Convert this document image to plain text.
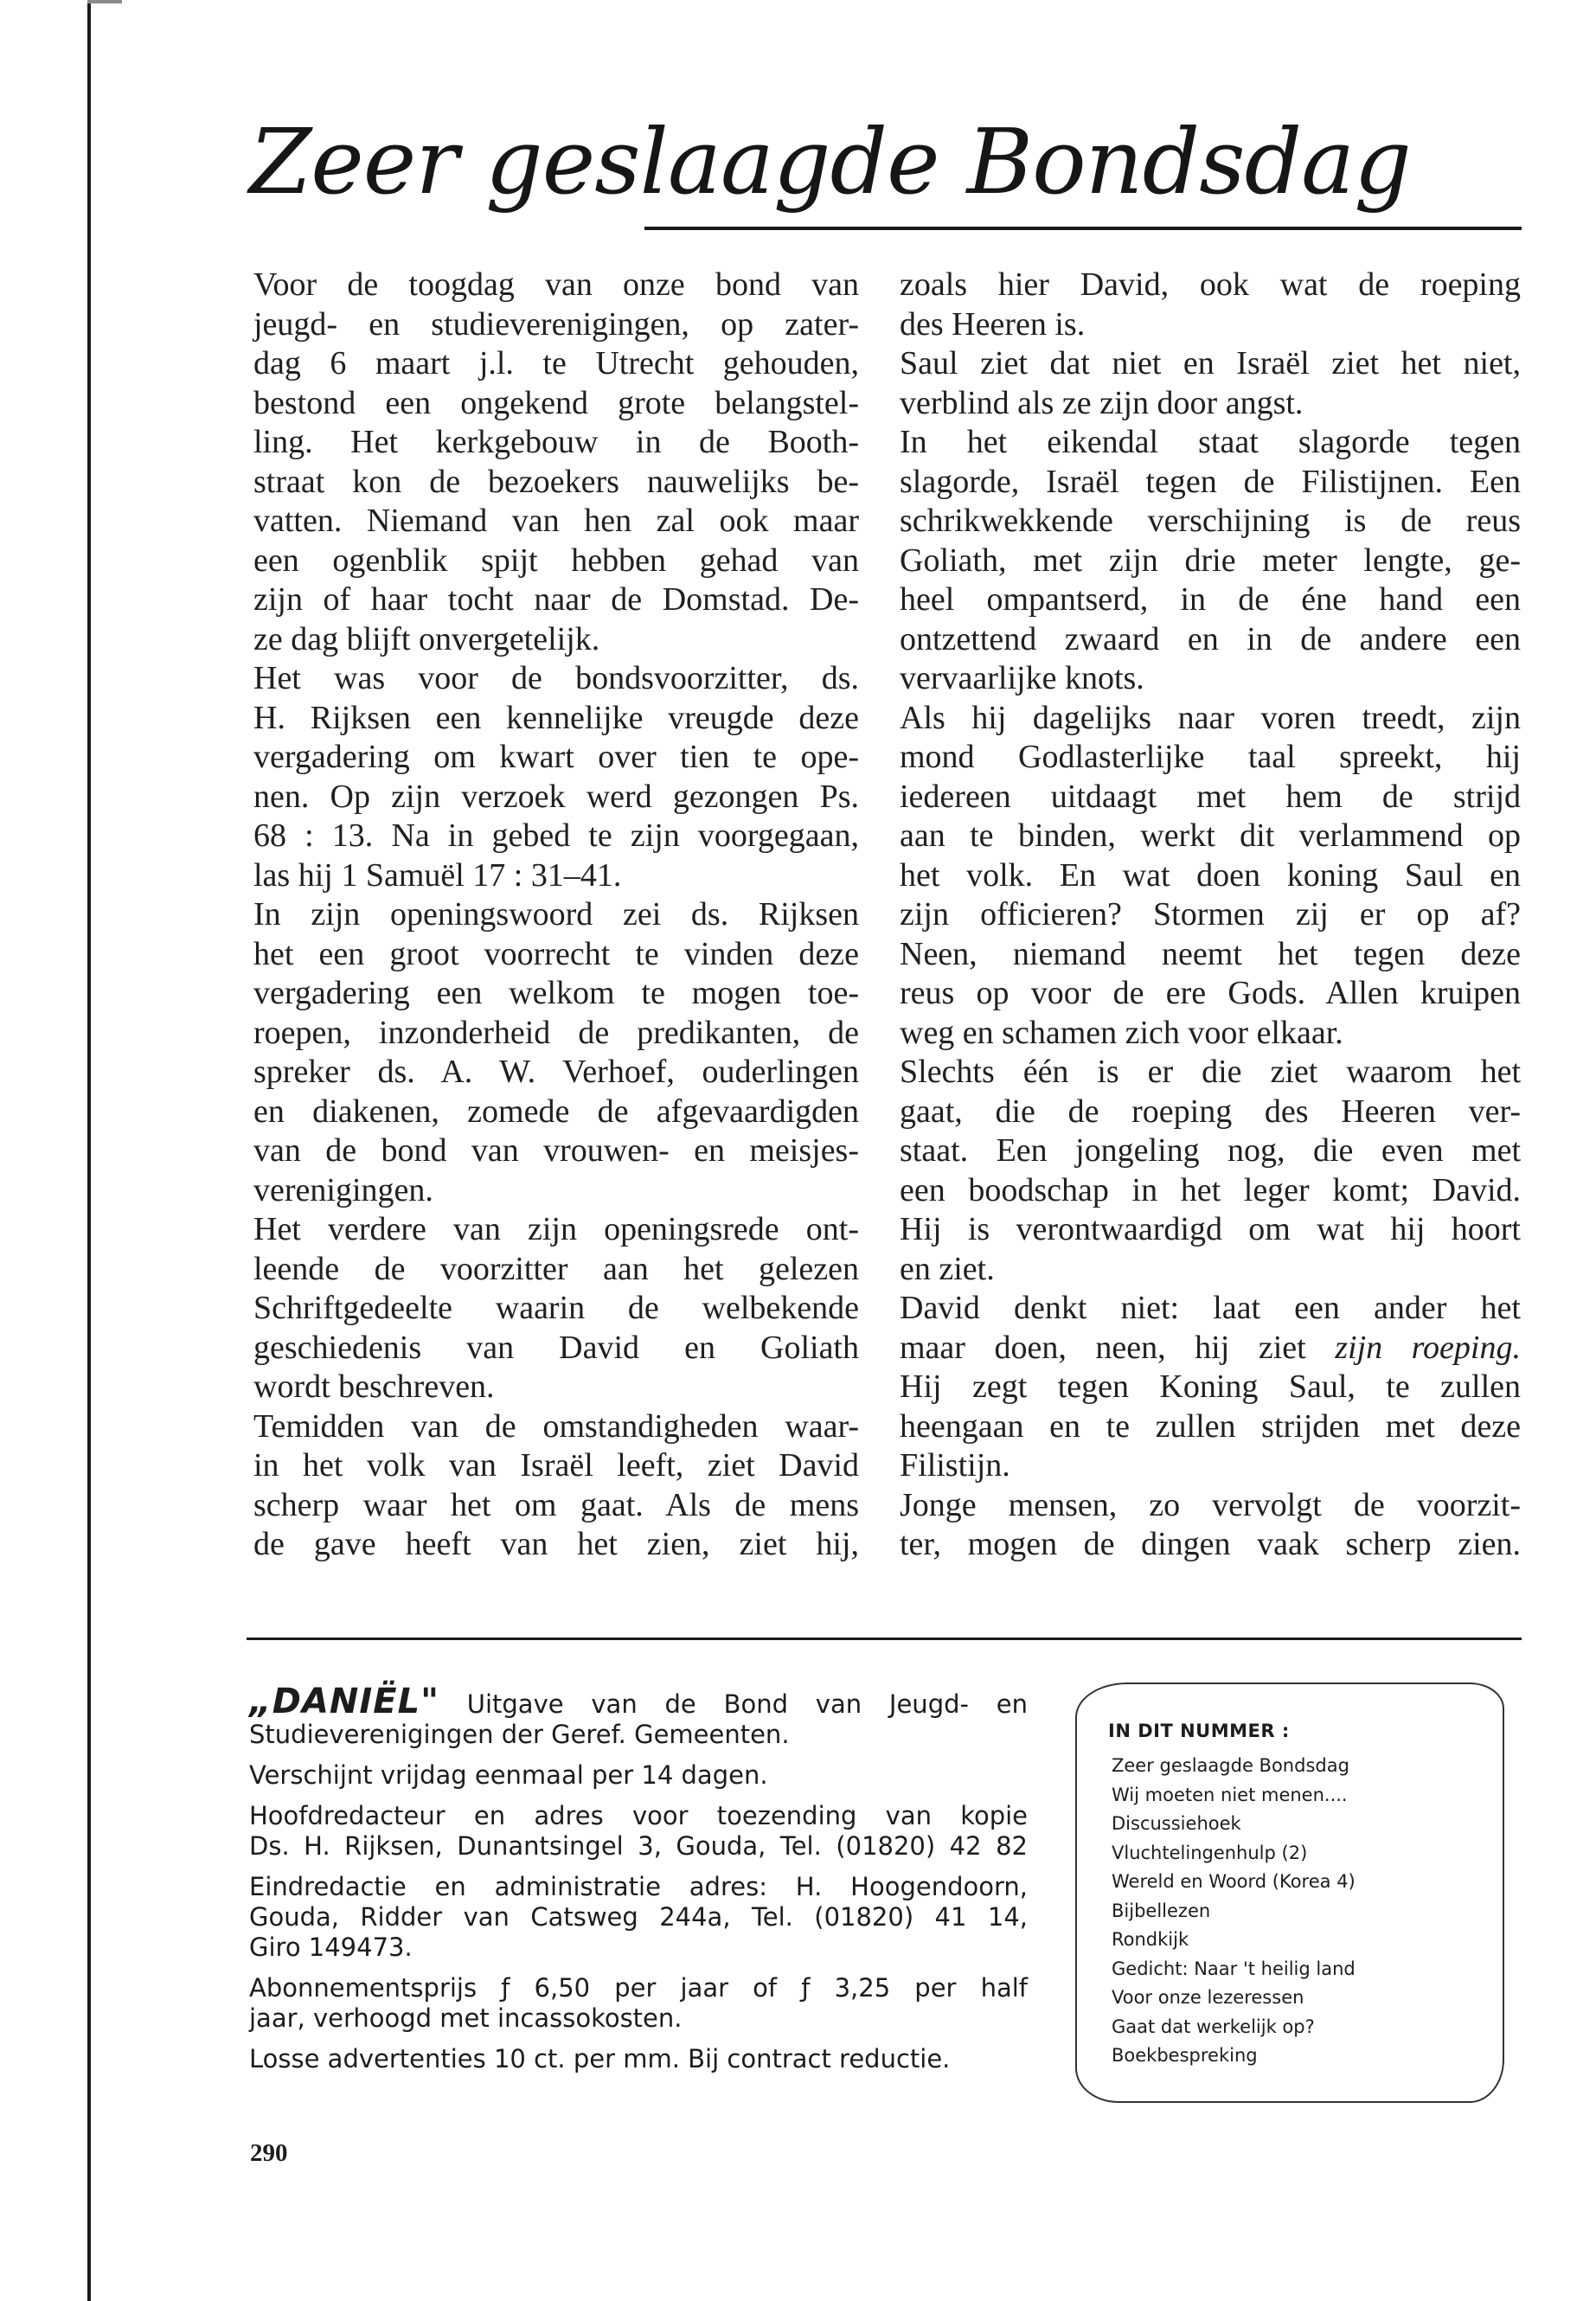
Zeer geslaagde Bondsdag

Voor de toogdag van onze bond van

jeugd- en studieverenigingen, op zater-

dag 6 maart j.l. te Utrecht gehouden,

bestond een ongekend grote belangstel-

ling. Het kerkgebouw in de Booth-

straat kon de bezoekers nauwelijks be-

vatten. Niemand van hen zal ook maar

een ogenblik spijt hebben gehad van

zijn of haar tocht naar de Domstad. De-

ze dag blijft onvergetelijk.

Het was voor de bondsvoorzitter, ds.

H. Rijksen een kennelijke vreugde deze

vergadering om kwart over tien te ope-

nen. Op zijn verzoek werd gezongen Ps.

68 : 13. Na in gebed te zijn voorgegaan,

las hij 1 Samuël 17 : 31–41.

In zijn openingswoord zei ds. Rijksen

het een groot voorrecht te vinden deze

vergadering een welkom te mogen toe-

roepen, inzonderheid de predikanten, de

spreker ds. A. W. Verhoef, ouderlingen

en diakenen, zomede de afgevaardigden

van de bond van vrouwen- en meisjes-

verenigingen.

Het verdere van zijn openingsrede ont-

leende de voorzitter aan het gelezen

Schriftgedeelte waarin de welbekende

geschiedenis van David en Goliath

wordt beschreven.

Temidden van de omstandigheden waar-

in het volk van Israël leeft, ziet David

scherp waar het om gaat. Als de mens

de gave heeft van het zien, ziet hij,

zoals hier David, ook wat de roeping

des Heeren is.

Saul ziet dat niet en Israël ziet het niet,

verblind als ze zijn door angst.

In het eikendal staat slagorde tegen

slagorde, Israël tegen de Filistijnen. Een

schrikwekkende verschijning is de reus

Goliath, met zijn drie meter lengte, ge-

heel ompantserd, in de éne hand een

ontzettend zwaard en in de andere een

vervaarlijke knots.

Als hij dagelijks naar voren treedt, zijn

mond Godlasterlijke taal spreekt, hij

iedereen uitdaagt met hem de strijd

aan te binden, werkt dit verlammend op

het volk. En wat doen koning Saul en

zijn officieren? Stormen zij er op af?

Neen, niemand neemt het tegen deze

reus op voor de ere Gods. Allen kruipen

weg en schamen zich voor elkaar.

Slechts één is er die ziet waarom het

gaat, die de roeping des Heeren ver-

staat. Een jongeling nog, die even met

een boodschap in het leger komt; David.

Hij is verontwaardigd om wat hij hoort

en ziet.

David denkt niet: laat een ander het

maar doen, neen, hij ziet zijn roeping.

Hij zegt tegen Koning Saul, te zullen

heengaan en te zullen strijden met deze

Filistijn.

Jonge mensen, zo vervolgt de voorzit-

ter, mogen de dingen vaak scherp zien.

„DANIËL" Uitgave van de Bond van Jeugd- en

Studieverenigingen der Geref. Gemeenten.

Verschijnt vrijdag eenmaal per 14 dagen.

Hoofdredacteur en adres voor toezending van kopie

Ds. H. Rijksen, Dunantsingel 3, Gouda, Tel. (01820) 42 82

Eindredactie en administratie adres: H. Hoogendoorn,

Gouda, Ridder van Catsweg 244a, Tel. (01820) 41 14,

Giro 149473.

Abonnementsprijs ƒ 6,50 per jaar of ƒ 3,25 per half

jaar, verhoogd met incassokosten.

Losse advertenties 10 ct. per mm. Bij contract reductie.

IN DIT NUMMER :
Zeer geslaagde Bondsdag
Wij moeten niet menen....
Discussiehoek
Vluchtelingenhulp (2)
Wereld en Woord (Korea 4)
Bijbellezen
Rondkijk
Gedicht: Naar 't heilig land
Voor onze lezeressen
Gaat dat werkelijk op?
Boekbespreking
290
